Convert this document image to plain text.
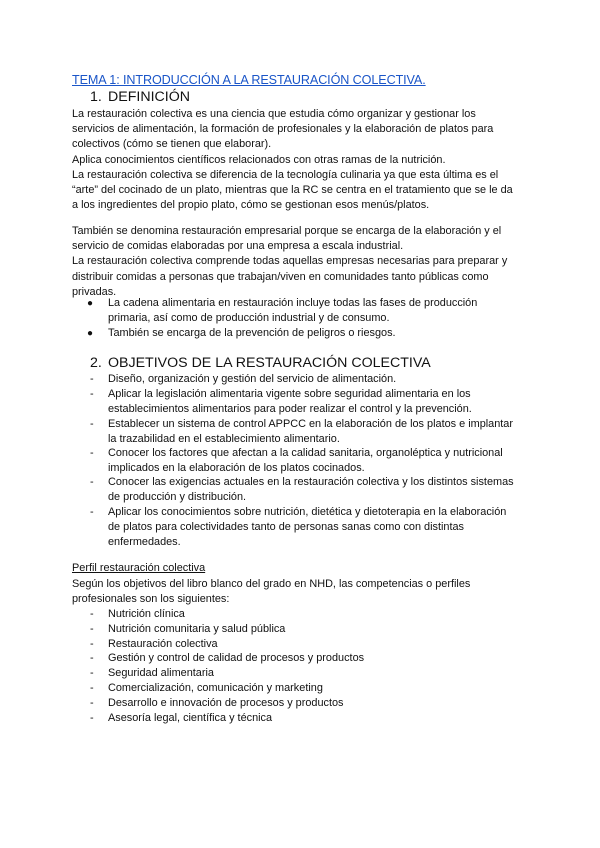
TEMA 1: INTRODUCCIÓN A LA RESTAURACIÓN COLECTIVA.
1. DEFINICIÓN
La restauración colectiva es una ciencia que estudia cómo organizar y gestionar los
servicios de alimentación, la formación de profesionales y la elaboración de platos para
colectivos (cómo se tienen que elaborar).
Aplica conocimientos científicos relacionados con otras ramas de la nutrición.
La restauración colectiva se diferencia de la tecnología culinaria ya que esta última es el
“arte” del cocinado de un plato, mientras que la RC se centra en el tratamiento que se le da
a los ingredientes del propio plato, cómo se gestionan esos menús/platos.
También se denomina restauración empresarial porque se encarga de la elaboración y el
servicio de comidas elaboradas por una empresa a escala industrial.
La restauración colectiva comprende todas aquellas empresas necesarias para preparar y
distribuir comidas a personas que trabajan/viven en comunidades tanto públicas como
privadas.
● La cadena alimentaria en restauración incluye todas las fases de producción
primaria, así como de producción industrial y de consumo.
● También se encarga de la prevención de peligros o riesgos.
2. OBJETIVOS DE LA RESTAURACIÓN COLECTIVA
- Diseño, organización y gestión del servicio de alimentación.
- Aplicar la legislación alimentaria vigente sobre seguridad alimentaria en los
establecimientos alimentarios para poder realizar el control y la prevención.
- Establecer un sistema de control APPCC en la elaboración de los platos e implantar
la trazabilidad en el establecimiento alimentario.
- Conocer los factores que afectan a la calidad sanitaria, organoléptica y nutricional
implicados en la elaboración de los platos cocinados.
- Conocer las exigencias actuales en la restauración colectiva y los distintos sistemas
de producción y distribución.
- Aplicar los conocimientos sobre nutrición, dietética y dietoterapia en la elaboración
de platos para colectividades tanto de personas sanas como con distintas
enfermedades.
Perfil restauración colectiva
Según los objetivos del libro blanco del grado en NHD, las competencias o perfiles
profesionales son los siguientes:
- Nutrición clínica
- Nutrición comunitaria y salud pública
- Restauración colectiva
- Gestión y control de calidad de procesos y productos
- Seguridad alimentaria
- Comercialización, comunicación y marketing
- Desarrollo e innovación de procesos y productos
- Asesoría legal, científica y técnica
